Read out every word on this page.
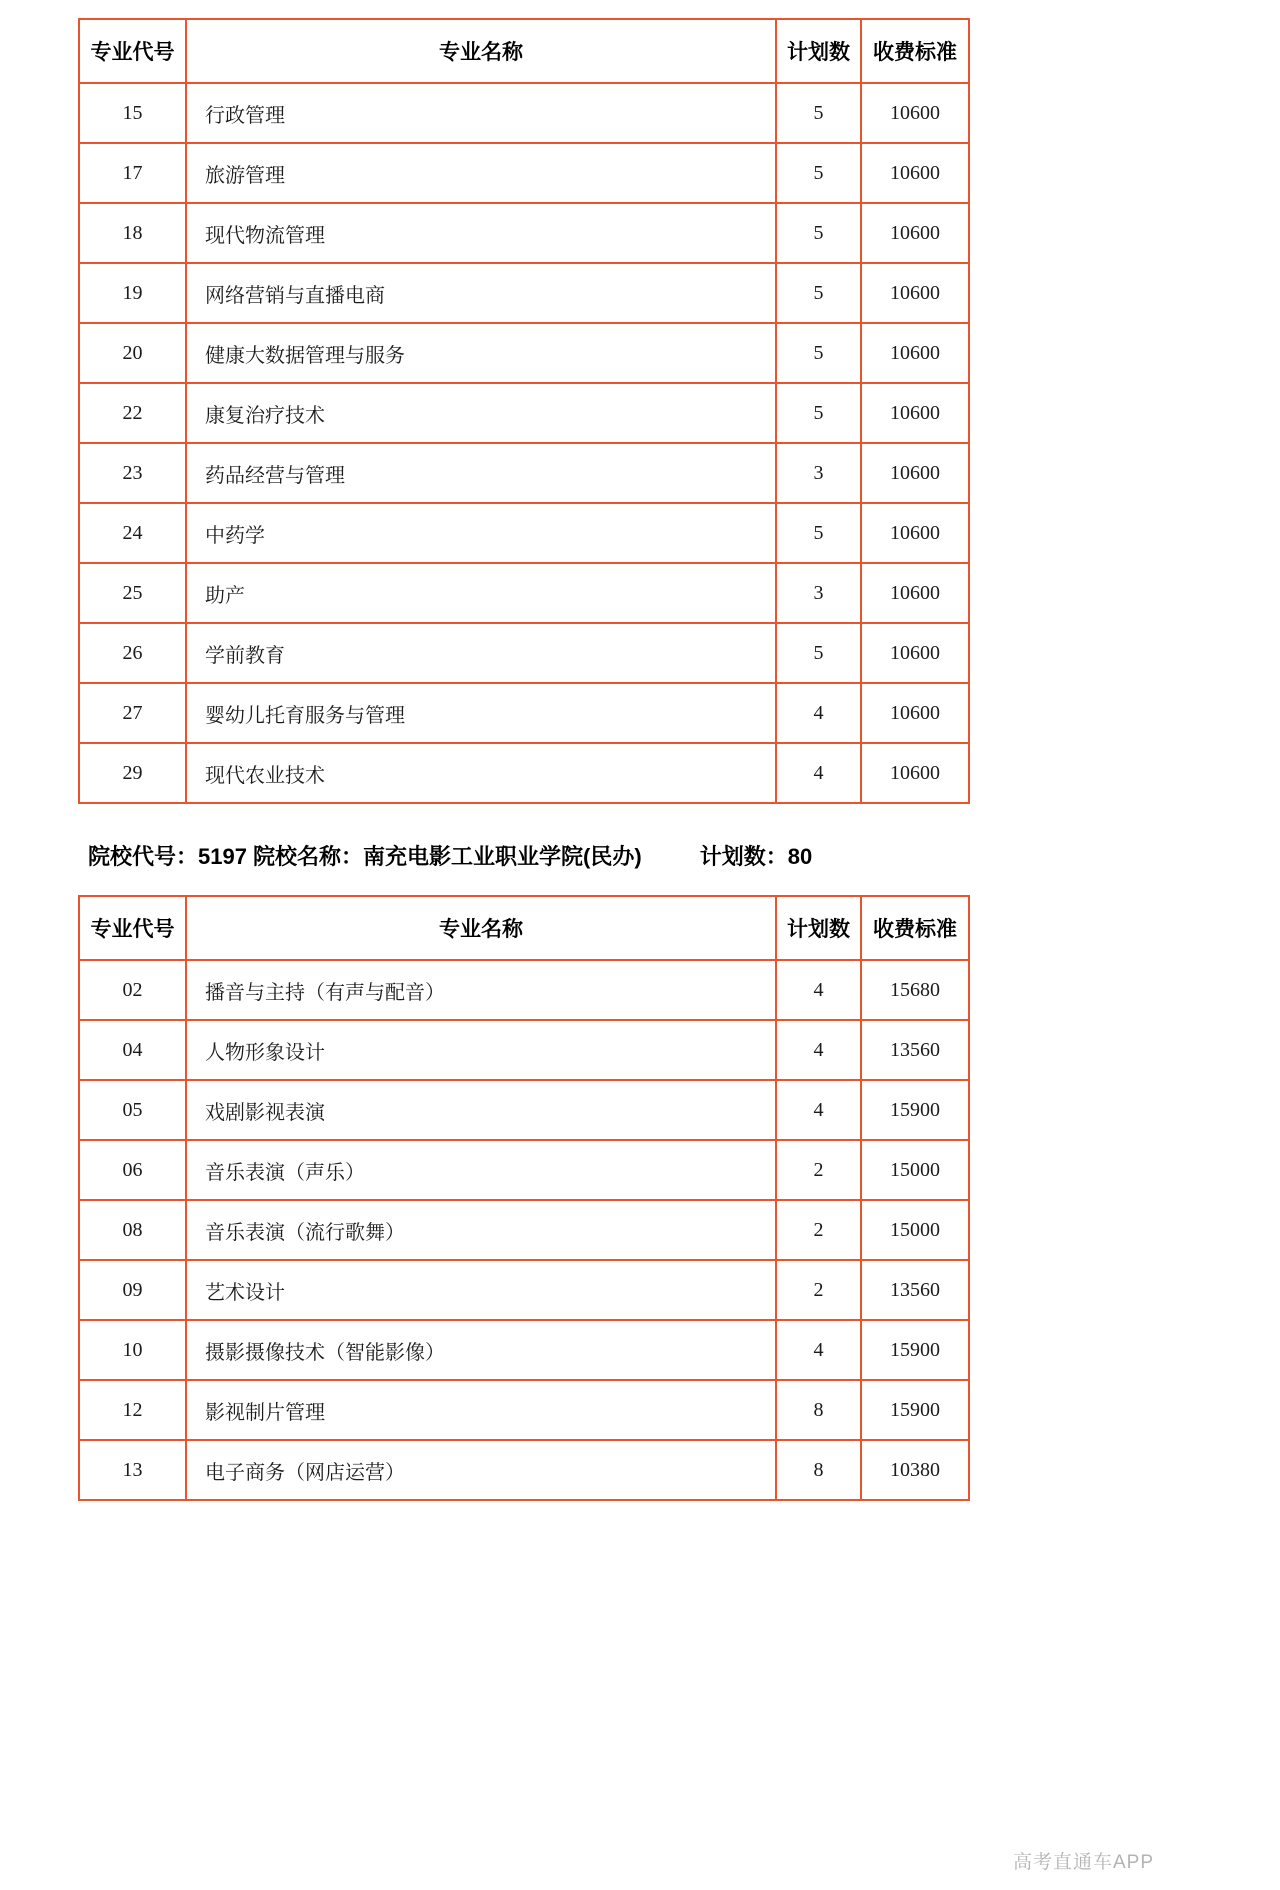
专业代号	专业名称	计划数	收费标准
15	行政管理	5	10600
17	旅游管理	5	10600
18	现代物流管理	5	10600
19	网络营销与直播电商	5	10600
20	健康大数据管理与服务	5	10600
22	康复治疗技术	5	10600
23	药品经营与管理	3	10600
24	中药学	5	10600
25	助产	3	10600
26	学前教育	5	10600
27	婴幼儿托育服务与管理	4	10600
29	现代农业技术	4	10600
院校代号：5197 院校名称：南充电影工业职业学院(民办)	计划数：80
专业代号	专业名称	计划数	收费标准
02	播音与主持（有声与配音）	4	15680
04	人物形象设计	4	13560
05	戏剧影视表演	4	15900
06	音乐表演（声乐）	2	15000
08	音乐表演（流行歌舞）	2	15000
09	艺术设计	2	13560
10	摄影摄像技术（智能影像）	4	15900
12	影视制片管理	8	15900
13	电子商务（网店运营）	8	10380
高考直通车APP
